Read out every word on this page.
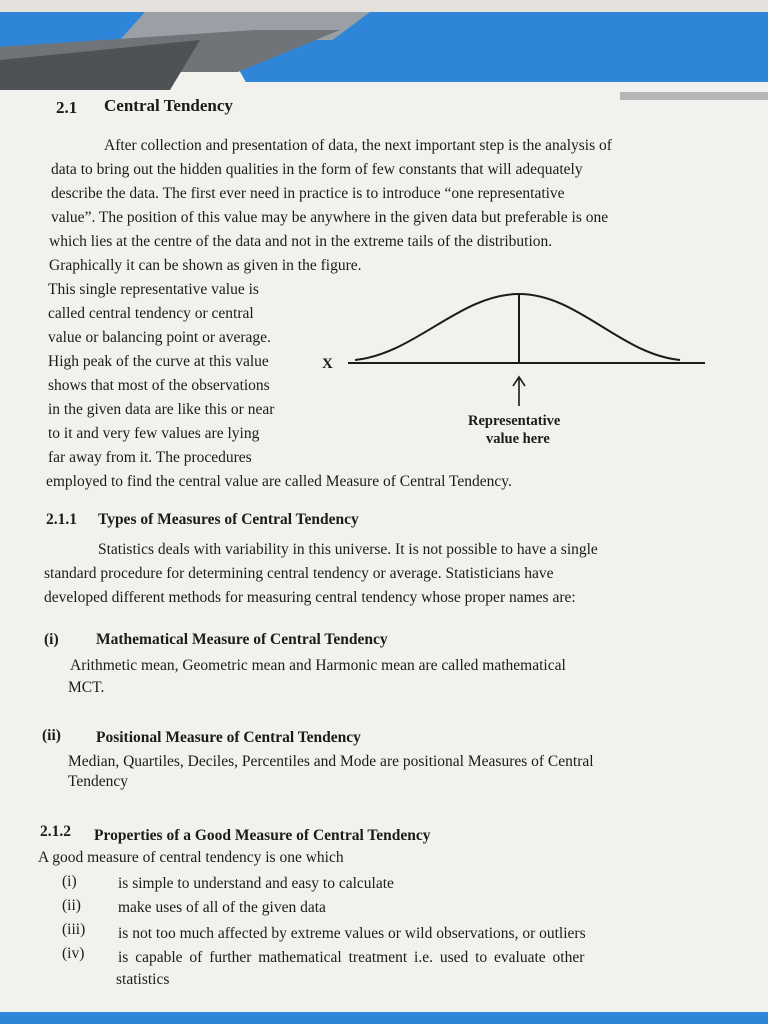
2.1 Central Tendency
After collection and presentation of data, the next important step is the analysis of
data to bring out the hidden qualities in the form of few constants that will adequately
describe the data. The first ever need in practice is to introduce “one representative
value”. The position of this value may be anywhere in the given data but preferable is one
which lies at the centre of the data and not in the extreme tails of the distribution.
Graphically it can be shown as given in the figure.
This single representative value is
called central tendency or central
value or balancing point or average.
High peak of the curve at this value
shows that most of the observations
in the given data are like this or near
to it and very few values are lying
far away from it. The procedures
employed to find the central value are called Measure of Central Tendency.
X
Representative
value here
2.1.1 Types of Measures of Central Tendency
Statistics deals with variability in this universe. It is not possible to have a single
standard procedure for determining central tendency or average. Statisticians have
developed different methods for measuring central tendency whose proper names are:
(i) Mathematical Measure of Central Tendency
Arithmetic mean, Geometric mean and Harmonic mean are called mathematical
MCT.
(ii) Positional Measure of Central Tendency
Median, Quartiles, Deciles, Percentiles and Mode are positional Measures of Central
Tendency
2.1.2 Properties of a Good Measure of Central Tendency
A good measure of central tendency is one which
(i)	is simple to understand and easy to calculate
(ii) make uses of all of the given data
(iii) is not too much affected by extreme values or wild observations, or outliers
(iv) is capable of further mathematical treatment i.e. used to evaluate other
statistics
